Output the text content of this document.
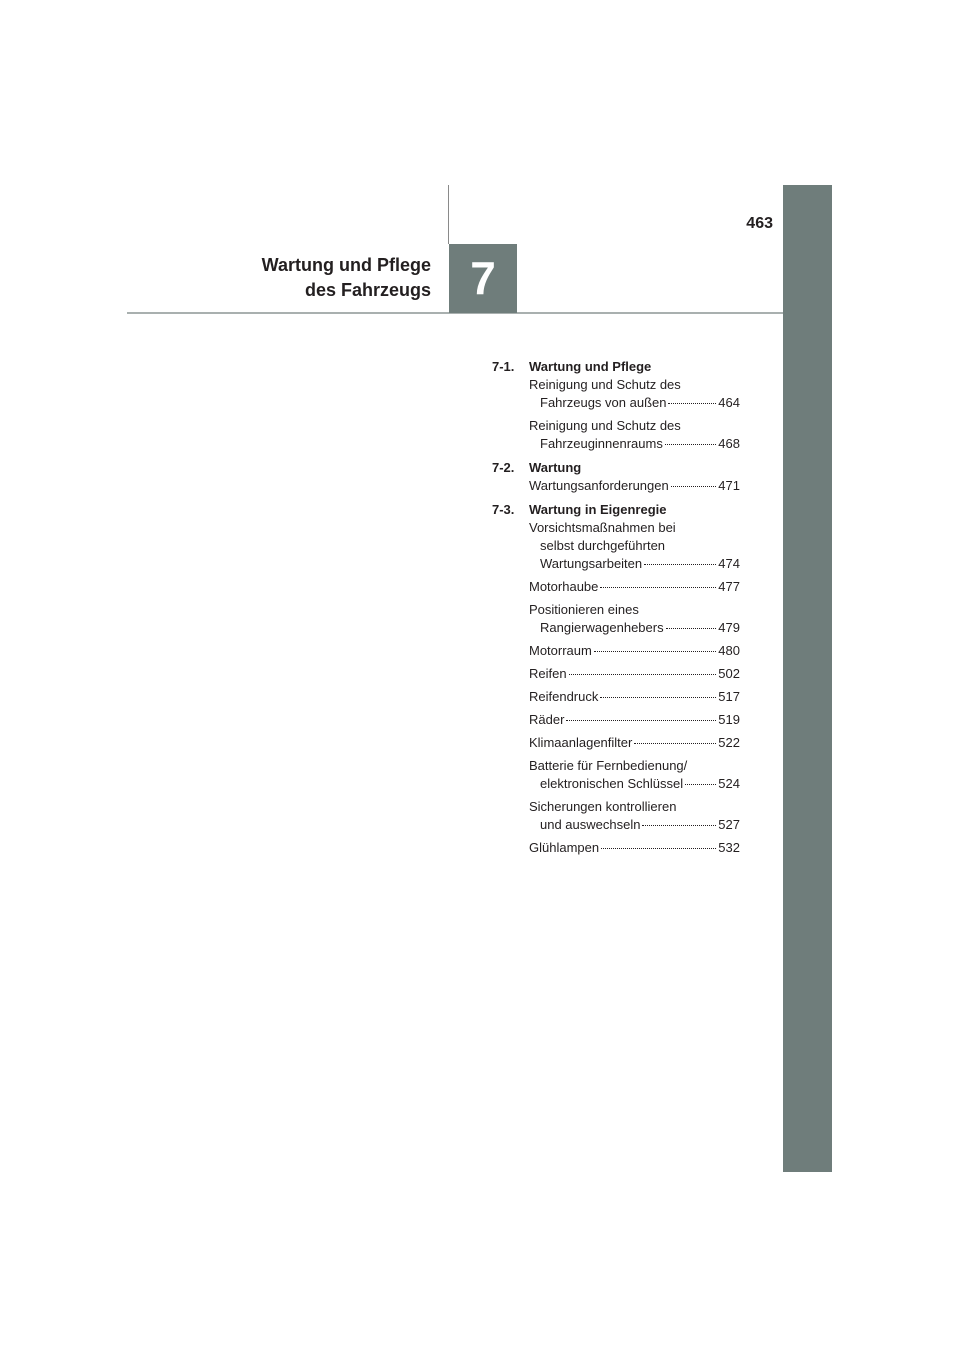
463
Wartung und Pflege
des Fahrzeugs 7
7-1. Wartung und Pflege
Reinigung und Schutz des
Fahrzeugs von außen	464
Reinigung und Schutz des
Fahrzeuginnenraums	468
7-2. Wartung
Wartungsanforderungen	471
7-3. Wartung in Eigenregie
Vorsichtsmaßnahmen bei
selbst durchgeführten
Wartungsarbeiten	474
Motorhaube	477
Positionieren eines
Rangierwagenhebers	479
Motorraum	480
Reifen	502
Reifendruck	517
Räder	519
Klimaanlagenfilter	522
Batterie für Fernbedienung/
elektronischen Schlüssel	524
Sicherungen kontrollieren
und auswechseln	527
Glühlampen	532
